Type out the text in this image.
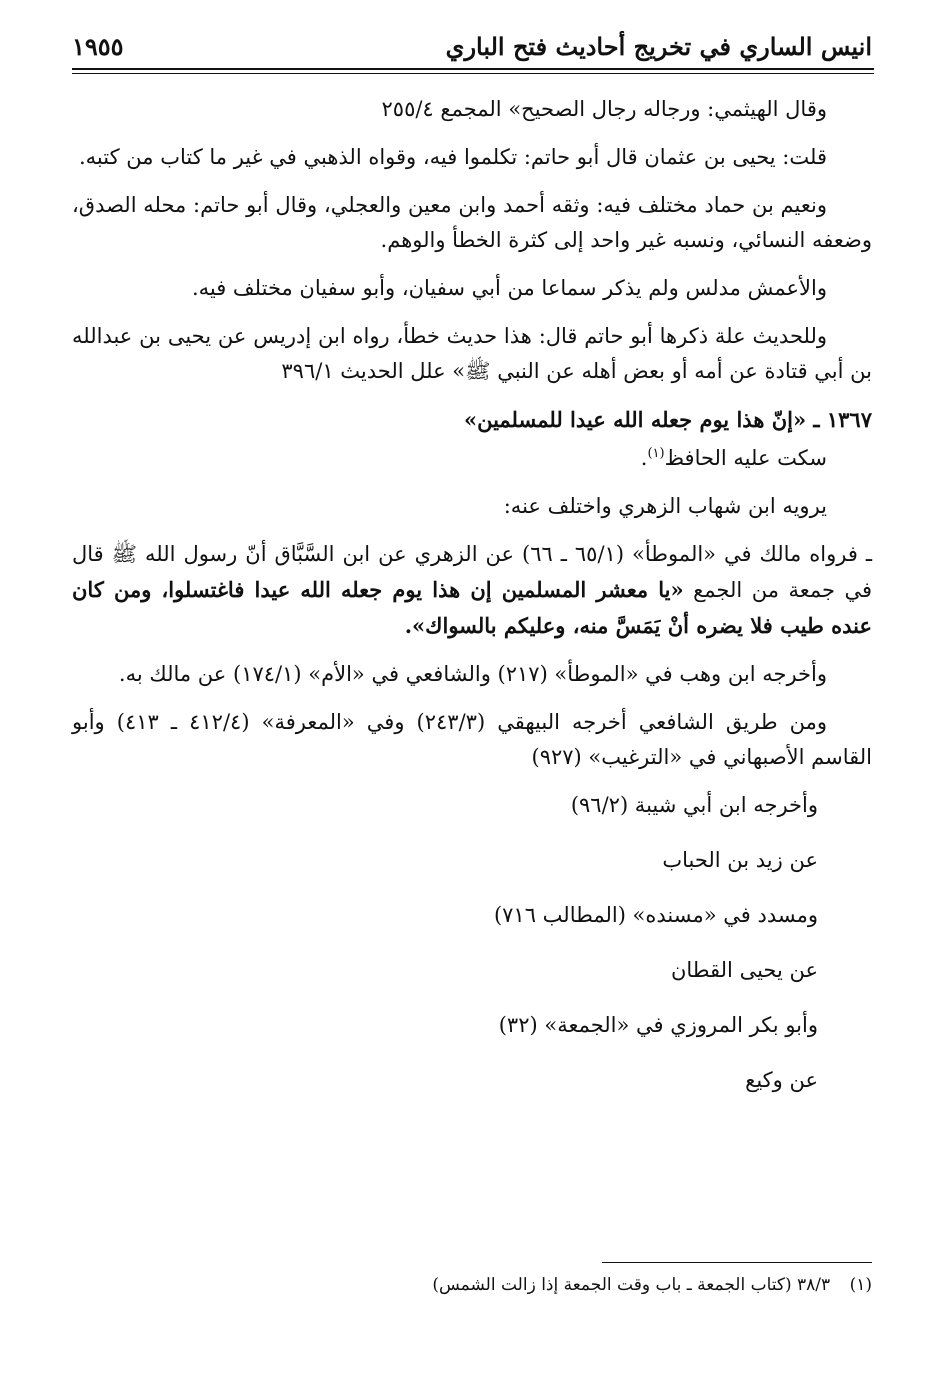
انيس الساري في تخريج أحاديث فتح الباري
١٩٥٥

وقال الهيثمي: ورجاله رجال الصحيح» المجمع ٢٥٥/٤

قلت: يحيى بن عثمان قال أبو حاتم: تكلموا فيه، وقواه الذهبي في غير ما كتاب من كتبه.

ونعيم بن حماد مختلف فيه: وثقه أحمد وابن معين والعجلي، وقال أبو حاتم: محله الصدق، وضعفه النسائي، ونسبه غير واحد إلى كثرة الخطأ والوهم.

والأعمش مدلس ولم يذكر سماعا من أبي سفيان، وأبو سفيان مختلف فيه.

وللحديث علة ذكرها أبو حاتم قال: هذا حديث خطأ، رواه ابن إدريس عن يحيى بن عبدالله بن أبي قتادة عن أمه أو بعض أهله عن النبي ﷺ» علل الحديث ٣٩٦/١

١٣٦٧ ـ «إنّ هذا يوم جعله الله عيدا للمسلمين»

سكت عليه الحافظ$^{(١)}$.

يرويه ابن شهاب الزهري واختلف عنه:

ـ فرواه مالك في «الموطأ» (٦٥/١ ـ ٦٦) عن الزهري عن ابن السَّبَّاق أنّ رسول الله ﷺ قال في جمعة من الجمع «يا معشر المسلمين إن هذا يوم جعله الله عيدا فاغتسلوا، ومن كان عنده طيب فلا يضره أنْ يَمَسَّ منه، وعليكم بالسواك».

وأخرجه ابن وهب في «الموطأ» (٢١٧) والشافعي في «الأم» (١٧٤/١) عن مالك به.

ومن طريق الشافعي أخرجه البيهقي (٢٤٣/٣) وفي «المعرفة» (٤١٢/٤ ـ ٤١٣) وأبو القاسم الأصبهاني في «الترغيب» (٩٢٧)

وأخرجه ابن أبي شيبة (٩٦/٢)

عن زيد بن الحباب

ومسدد في «مسنده» (المطالب ٧١٦)

عن يحيى القطان

وأبو بكر المروزي في «الجمعة» (٣٢)

عن وكيع

(١) ٣٨/٣ (كتاب الجمعة ـ باب وقت الجمعة إذا زالت الشمس)
